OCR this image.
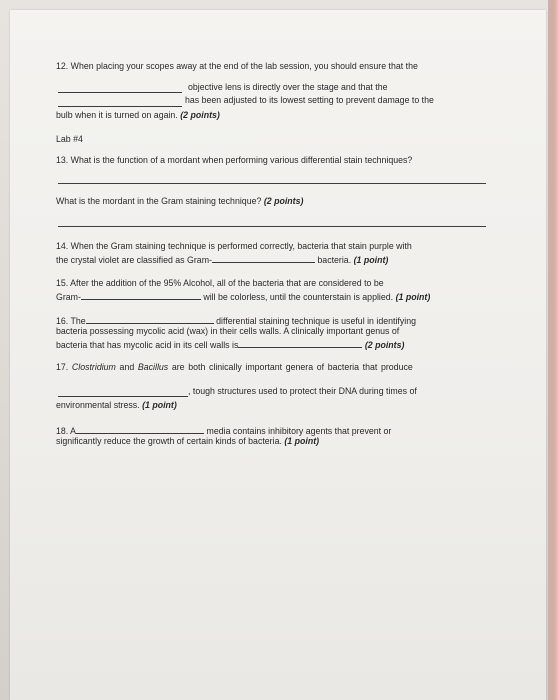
12. When placing your scopes away at the end of the lab session, you should ensure that the

objective lens is directly over the stage and that the

has been adjusted to its lowest setting to prevent damage to the

bulb when it is turned on again. (2 points)

Lab #4

13. What is the function of a mordant when performing various differential stain techniques?

What is the mordant in the Gram staining technique? (2 points)

14. When the Gram staining technique is performed correctly, bacteria that stain purple with

the crystal violet are classified as Gram-	bacteria. (1 point)

15. After the addition of the 95% Alcohol, all of the bacteria that are considered to be

Gram-	will be colorless, until the counterstain is applied. (1 point)

16. The	differential staining technique is useful in identifying

bacteria possessing mycolic acid (wax) in their cells walls. A clinically important genus of

bacteria that has mycolic acid in its cell walls is	(2 points)

17. Clostridium and Bacillus are both clinically important genera of bacteria that produce

, tough structures used to protect their DNA during times of

environmental stress. (1 point)

18. A	media contains inhibitory agents that prevent or

significantly reduce the growth of certain kinds of bacteria. (1 point)
